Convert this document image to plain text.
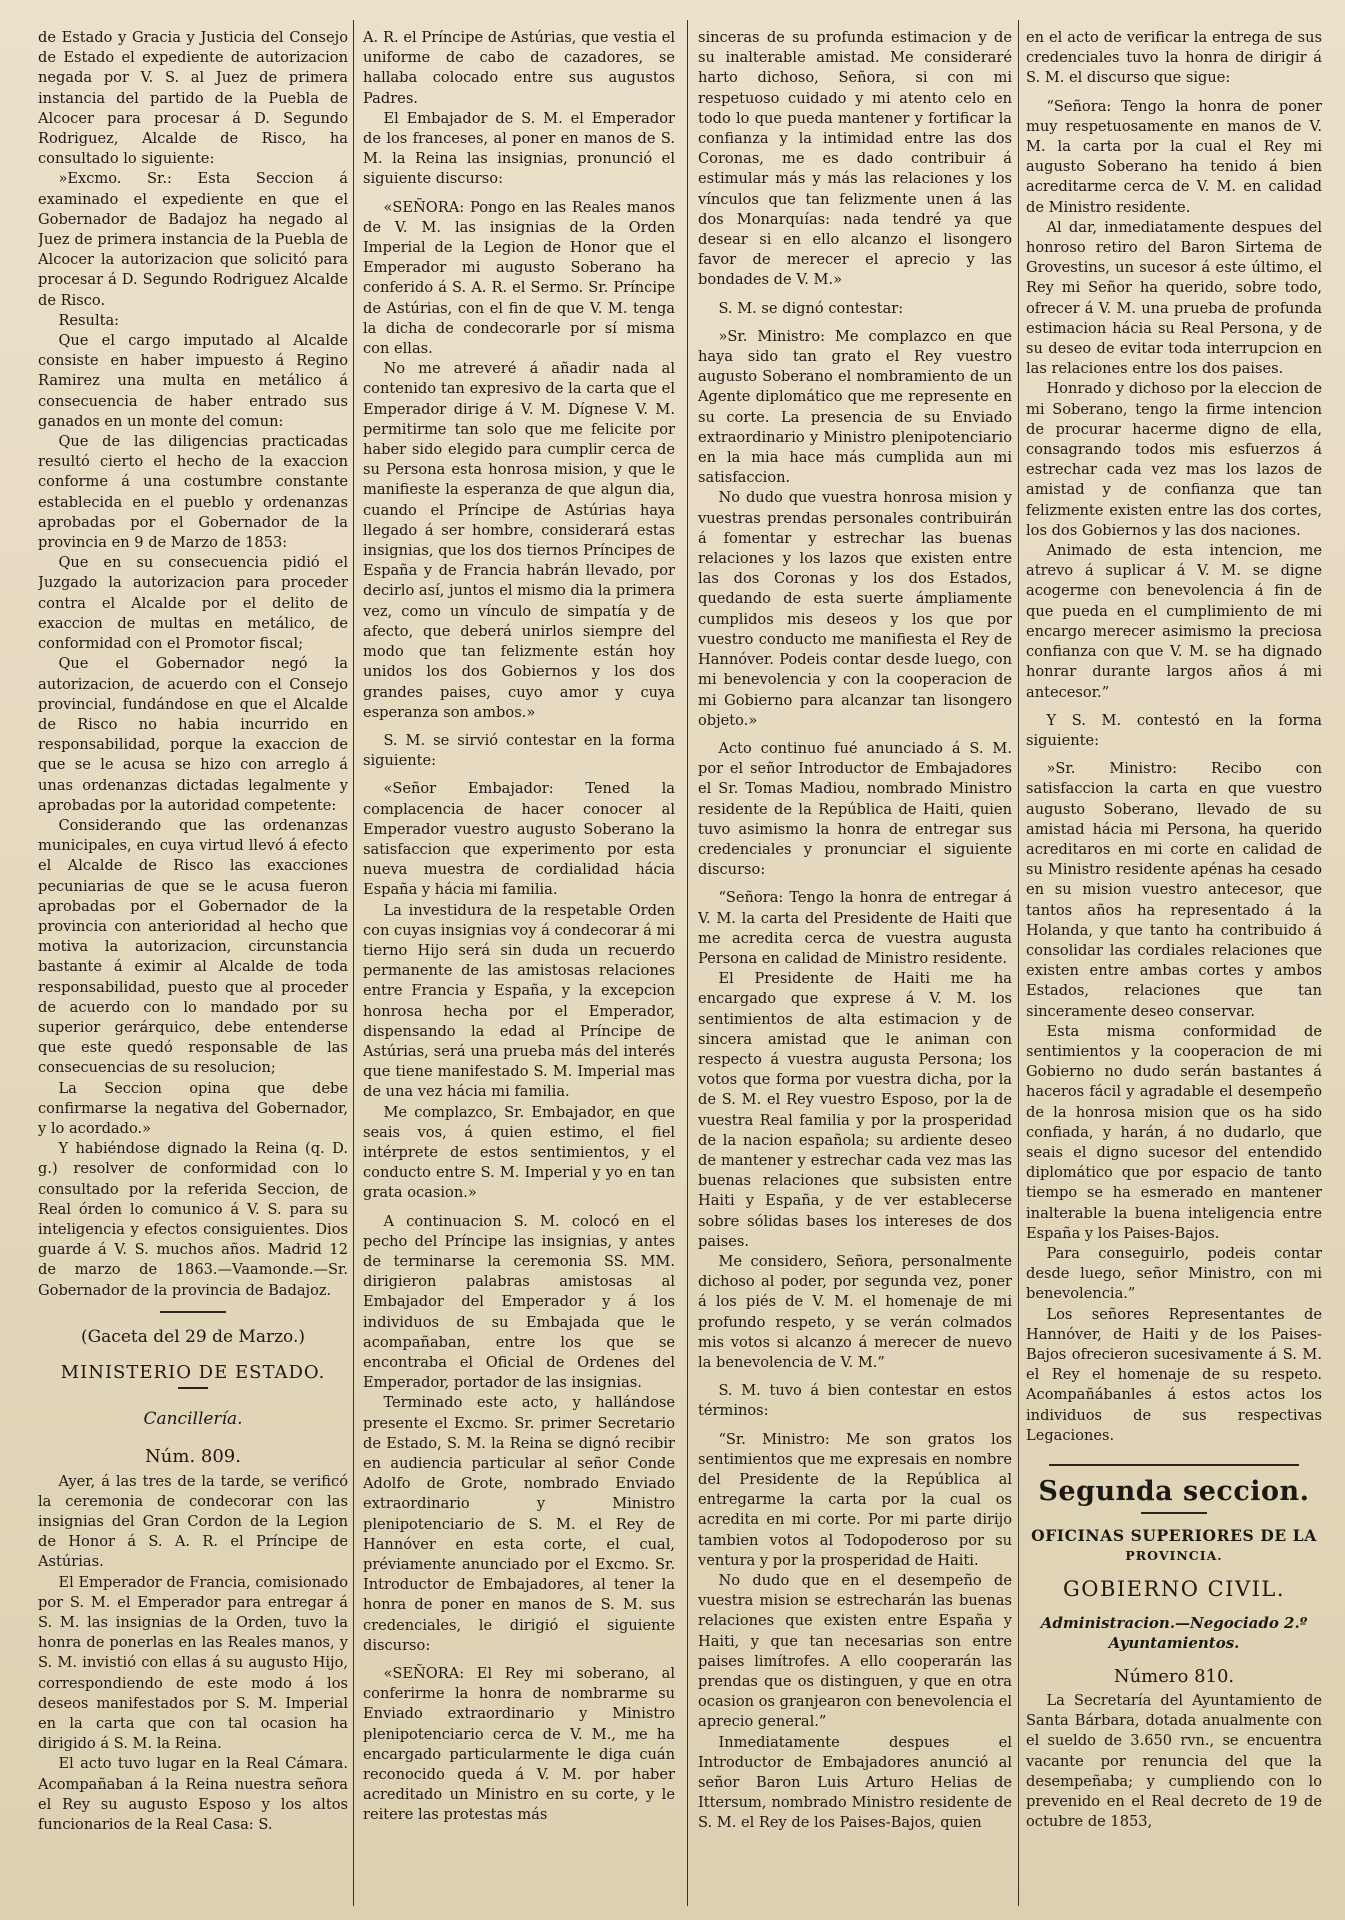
de Estado y Gracia y Justicia del Consejo de Estado el expediente de autorizacion negada por V. S. al Juez de primera instancia del partido de la Puebla de Alcocer para procesar á D. Segundo Rodriguez, Alcalde de Risco, ha consultado lo siguiente:

»Excmo. Sr.: Esta Seccion á examinado el expediente en que el Gobernador de Badajoz ha negado al Juez de primera instancia de la Puebla de Alcocer la autorizacion que solicitó para procesar á D. Segundo Rodriguez Alcalde de Risco.

Resulta:

Que el cargo imputado al Alcalde consiste en haber impuesto á Regino Ramirez una multa en metálico á consecuencia de haber entrado sus ganados en un monte del comun:

Que de las diligencias practicadas resultó cierto el hecho de la exaccion conforme á una costumbre constante establecida en el pueblo y ordenanzas aprobadas por el Gobernador de la provincia en 9 de Marzo de 1853:

Que en su consecuencia pidió el Juzgado la autorizacion para proceder contra el Alcalde por el delito de exaccion de multas en metálico, de conformidad con el Promotor fiscal;

Que el Gobernador negó la autorizacion, de acuerdo con el Consejo provincial, fundándose en que el Alcalde de Risco no habia incurrido en responsabilidad, porque la exaccion de que se le acusa se hizo con arreglo á unas ordenanzas dictadas legalmente y aprobadas por la autoridad competente:

Considerando que las ordenanzas municipales, en cuya virtud llevó á efecto el Alcalde de Risco las exacciones pecuniarias de que se le acusa fueron aprobadas por el Gobernador de la provincia con anterioridad al hecho que motiva la autorizacion, circunstancia bastante á eximir al Alcalde de toda responsabilidad, puesto que al proceder de acuerdo con lo mandado por su superior gerárquico, debe entenderse que este quedó responsable de las consecuencias de su resolucion;

La Seccion opina que debe confirmarse la negativa del Gobernador, y lo acordado.»

Y habiéndose dignado la Reina (q. D. g.) resolver de conformidad con lo consultado por la referida Seccion, de Real órden lo comunico á V. S. para su inteligencia y efectos consiguientes. Dios guarde á V. S. muchos años. Madrid 12 de marzo de 1863.—Vaamonde.—Sr. Gobernador de la provincia de Badajoz.

(Gaceta del 29 de Marzo.)

MINISTERIO DE ESTADO.

Cancillería.

Núm. 809.

Ayer, á las tres de la tarde, se verificó la ceremonia de condecorar con las insignias del Gran Cordon de la Legion de Honor á S. A. R. el Príncipe de Astúrias.

El Emperador de Francia, comisionado por S. M. el Emperador para entregar á S. M. las insignias de la Orden, tuvo la honra de ponerlas en las Reales manos, y S. M. invistió con ellas á su augusto Hijo, correspondiendo de este modo á los deseos manifestados por S. M. Imperial en la carta que con tal ocasion ha dirigido á S. M. la Reina.

El acto tuvo lugar en la Real Cámara. Acompañaban á la Reina nuestra señora el Rey su augusto Esposo y los altos funcionarios de la Real Casa: S.

A. R. el Príncipe de Astúrias, que vestia el uniforme de cabo de cazadores, se hallaba colocado entre sus augustos Padres.

El Embajador de S. M. el Emperador de los franceses, al poner en manos de S. M. la Reina las insignias, pronunció el siguiente discurso:

«SEÑORA: Pongo en las Reales manos de V. M. las insignias de la Orden Imperial de la Legion de Honor que el Emperador mi augusto Soberano ha conferido á S. A. R. el Sermo. Sr. Príncipe de Astúrias, con el fin de que V. M. tenga la dicha de condecorarle por sí misma con ellas.

No me atreveré á añadir nada al contenido tan expresivo de la carta que el Emperador dirige á V. M. Dígnese V. M. permitirme tan solo que me felicite por haber sido elegido para cumplir cerca de su Persona esta honrosa mision, y que le manifieste la esperanza de que algun dia, cuando el Príncipe de Astúrias haya llegado á ser hombre, considerará estas insignias, que los dos tiernos Príncipes de España y de Francia habrán llevado, por decirlo así, juntos el mismo dia la primera vez, como un vínculo de simpatía y de afecto, que deberá unirlos siempre del modo que tan felizmente están hoy unidos los dos Gobiernos y los dos grandes paises, cuyo amor y cuya esperanza son ambos.»

S. M. se sirvió contestar en la forma siguiente:

«Señor Embajador: Tened la complacencia de hacer conocer al Emperador vuestro augusto Soberano la satisfaccion que experimento por esta nueva muestra de cordialidad hácia España y hácia mi familia.

La investidura de la respetable Orden con cuyas insignias voy á condecorar á mi tierno Hijo será sin duda un recuerdo permanente de las amistosas relaciones entre Francia y España, y la excepcion honrosa hecha por el Emperador, dispensando la edad al Príncipe de Astúrias, será una prueba más del interés que tiene manifestado S. M. Imperial mas de una vez hácia mi familia.

Me complazco, Sr. Embajador, en que seais vos, á quien estimo, el fiel intérprete de estos sentimientos, y el conducto entre S. M. Imperial y yo en tan grata ocasion.»

A continuacion S. M. colocó en el pecho del Príncipe las insignias, y antes de terminarse la ceremonia SS. MM. dirigieron palabras amistosas al Embajador del Emperador y á los individuos de su Embajada que le acompañaban, entre los que se encontraba el Oficial de Ordenes del Emperador, portador de las insignias.

Terminado este acto, y hallándose presente el Excmo. Sr. primer Secretario de Estado, S. M. la Reina se dignó recibir en audiencia particular al señor Conde Adolfo de Grote, nombrado Enviado extraordinario y Ministro plenipotenciario de S. M. el Rey de Hannóver en esta corte, el cual, préviamente anunciado por el Excmo. Sr. Introductor de Embajadores, al tener la honra de poner en manos de S. M. sus credenciales, le dirigió el siguiente discurso:

«SEÑORA: El Rey mi soberano, al conferirme la honra de nombrarme su Enviado extraordinario y Ministro plenipotenciario cerca de V. M., me ha encargado particularmente le diga cuán reconocido queda á V. M. por haber acreditado un Ministro en su corte, y le reitere las protestas más

sinceras de su profunda estimacion y de su inalterable amistad. Me consideraré harto dichoso, Señora, si con mi respetuoso cuidado y mi atento celo en todo lo que pueda mantener y fortificar la confianza y la intimidad entre las dos Coronas, me es dado contribuir á estimular más y más las relaciones y los vínculos que tan felizmente unen á las dos Monarquías: nada tendré ya que desear si en ello alcanzo el lisongero favor de merecer el aprecio y las bondades de V. M.»

S. M. se dignó contestar:

»Sr. Ministro: Me complazco en que haya sido tan grato el Rey vuestro augusto Soberano el nombramiento de un Agente diplomático que me represente en su corte. La presencia de su Enviado extraordinario y Ministro plenipotenciario en la mia hace más cumplida aun mi satisfaccion.

No dudo que vuestra honrosa mision y vuestras prendas personales contribuirán á fomentar y estrechar las buenas relaciones y los lazos que existen entre las dos Coronas y los dos Estados, quedando de esta suerte ámpliamente cumplidos mis deseos y los que por vuestro conducto me manifiesta el Rey de Hannóver. Podeis contar desde luego, con mi benevolencia y con la cooperacion de mi Gobierno para alcanzar tan lisongero objeto.»

Acto continuo fué anunciado á S. M. por el señor Introductor de Embajadores el Sr. Tomas Madiou, nombrado Ministro residente de la República de Haiti, quien tuvo asimismo la honra de entregar sus credenciales y pronunciar el siguiente discurso:

“Señora: Tengo la honra de entregar á V. M. la carta del Presidente de Haiti que me acredita cerca de vuestra augusta Persona en calidad de Ministro residente.

El Presidente de Haiti me ha encargado que exprese á V. M. los sentimientos de alta estimacion y de sincera amistad que le animan con respecto á vuestra augusta Persona; los votos que forma por vuestra dicha, por la de S. M. el Rey vuestro Esposo, por la de vuestra Real familia y por la prosperidad de la nacion española; su ardiente deseo de mantener y estrechar cada vez mas las buenas relaciones que subsisten entre Haiti y España, y de ver establecerse sobre sólidas bases los intereses de dos paises.

Me considero, Señora, personalmente dichoso al poder, por segunda vez, poner á los piés de V. M. el homenaje de mi profundo respeto, y se verán colmados mis votos si alcanzo á merecer de nuevo la benevolencia de V. M.”

S. M. tuvo á bien contestar en estos términos:

“Sr. Ministro: Me son gratos los sentimientos que me expresais en nombre del Presidente de la República al entregarme la carta por la cual os acredita en mi corte. Por mi parte dirijo tambien votos al Todopoderoso por su ventura y por la prosperidad de Haiti.

No dudo que en el desempeño de vuestra mision se estrecharán las buenas relaciones que existen entre España y Haiti, y que tan necesarias son entre paises limítrofes. A ello cooperarán las prendas que os distinguen, y que en otra ocasion os granjearon con benevolencia el aprecio general.”

Inmediatamente despues el Introductor de Embajadores anunció al señor Baron Luis Arturo Helias de Ittersum, nombrado Ministro residente de S. M. el Rey de los Paises-Bajos, quien

en el acto de verificar la entrega de sus credenciales tuvo la honra de dirigir á S. M. el discurso que sigue:

“Señora: Tengo la honra de poner muy respetuosamente en manos de V. M. la carta por la cual el Rey mi augusto Soberano ha tenido á bien acreditarme cerca de V. M. en calidad de Ministro residente.

Al dar, inmediatamente despues del honroso retiro del Baron Sirtema de Grovestins, un sucesor á este último, el Rey mi Señor ha querido, sobre todo, ofrecer á V. M. una prueba de profunda estimacion hácia su Real Persona, y de su deseo de evitar toda interrupcion en las relaciones entre los dos paises.

Honrado y dichoso por la eleccion de mi Soberano, tengo la firme intencion de procurar hacerme digno de ella, consagrando todos mis esfuerzos á estrechar cada vez mas los lazos de amistad y de confianza que tan felizmente existen entre las dos cortes, los dos Gobiernos y las dos naciones.

Animado de esta intencion, me atrevo á suplicar á V. M. se digne acogerme con benevolencia á fin de que pueda en el cumplimiento de mi encargo merecer asimismo la preciosa confianza con que V. M. se ha dignado honrar durante largos años á mi antecesor.”

Y S. M. contestó en la forma siguiente:

»Sr. Ministro: Recibo con satisfaccion la carta en que vuestro augusto Soberano, llevado de su amistad hácia mi Persona, ha querido acreditaros en mi corte en calidad de su Ministro residente apénas ha cesado en su mision vuestro antecesor, que tantos años ha representado á la Holanda, y que tanto ha contribuido á consolidar las cordiales relaciones que existen entre ambas cortes y ambos Estados, relaciones que tan sinceramente deseo conservar.

Esta misma conformidad de sentimientos y la cooperacion de mi Gobierno no dudo serán bastantes á haceros fácil y agradable el desempeño de la honrosa mision que os ha sido confiada, y harán, á no dudarlo, que seais el digno sucesor del entendido diplomático que por espacio de tanto tiempo se ha esmerado en mantener inalterable la buena inteligencia entre España y los Paises-Bajos.

Para conseguirlo, podeis contar desde luego, señor Ministro, con mi benevolencia.”

Los señores Representantes de Hannóver, de Haiti y de los Paises-Bajos ofrecieron sucesivamente á S. M. el Rey el homenaje de su respeto. Acompañábanles á estos actos los individuos de sus respectivas Legaciones.

Segunda seccion.

OFICINAS SUPERIORES DE LA

PROVINCIA.

GOBIERNO CIVIL.

Administracion.—Negociado 2.º Ayuntamientos.

Número 810.

La Secretaría del Ayuntamiento de Santa Bárbara, dotada anualmente con el sueldo de 3.650 rvn., se encuentra vacante por renuncia del que la desempeñaba; y cumpliendo con lo prevenido en el Real decreto de 19 de octubre de 1853,
